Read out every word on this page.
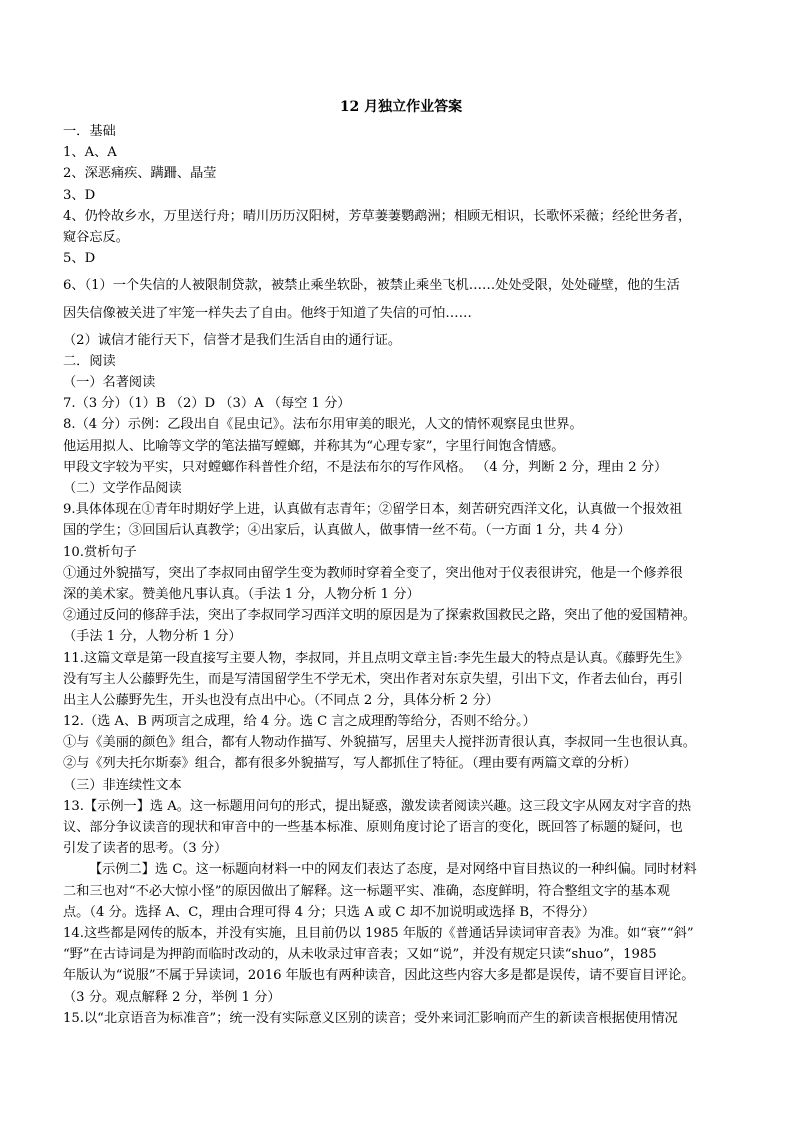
12 月独立作业答案
一．基础
1、A、A
2、深恶痛疾、蹒跚、晶莹
3、D
4、仍怜故乡水，万里送行舟；晴川历历汉阳树，芳草萋萋鹦鹉洲；相顾无相识，长歌怀采薇；经纶世务者，
窥谷忘反。
5、D
6、（1）一个失信的人被限制贷款，被禁止乘坐软卧，被禁止乘坐飞机……处处受限，处处碰壁，他的生活
因失信像被关进了牢笼一样失去了自由。他终于知道了失信的可怕……
（2）诚信才能行天下，信誉才是我们生活自由的通行证。
二．阅读
（一）名著阅读
7.（3 分）（1）B （2）D （3）A （每空 1 分）
8.（4 分）示例：乙段出自《昆虫记》。法布尔用审美的眼光，人文的情怀观察昆虫世界。
他运用拟人、比喻等文学的笔法描写螳螂，并称其为“心理专家”，字里行间饱含情感。
甲段文字较为平实，只对螳螂作科普性介绍，不是法布尔的写作风格。 （4 分，判断 2 分，理由 2 分）
（二）文学作品阅读
9.具体体现在①青年时期好学上进，认真做有志青年；②留学日本，刻苦研究西洋文化，认真做一个报效祖
国的学生；③回国后认真教学；④出家后，认真做人，做事情一丝不苟。（一方面 1 分，共 4 分）
10.赏析句子
①通过外貌描写，突出了李叔同由留学生变为教师时穿着全变了，突出他对于仪表很讲究，他是一个修养很
深的美术家。赞美他凡事认真。（手法 1 分，人物分析 1 分）
②通过反问的修辞手法，突出了李叔同学习西洋文明的原因是为了探索救国救民之路，突出了他的爱国精神。
（手法 1 分，人物分析 1 分）
11.这篇文章是第一段直接写主要人物，李叔同，并且点明文章主旨:李先生最大的特点是认真。《藤野先生》
没有写主人公藤野先生，而是写清国留学生不学无术，突出作者对东京失望，引出下文，作者去仙台，再引
出主人公藤野先生，开头也没有点出中心。（不同点 2 分，具体分析 2 分）
12.（选 A、B 两项言之成理，给 4 分。选 C 言之成理酌等给分，否则不给分。）
①与《美丽的颜色》组合，都有人物动作描写、外貌描写，居里夫人搅拌沥青很认真，李叔同一生也很认真。
②与《列夫托尔斯泰》组合，都有很多外貌描写，写人都抓住了特征。（理由要有两篇文章的分析）
（三）非连续性文本
13.【示例一】选 A。这一标题用问句的形式，提出疑惑，激发读者阅读兴趣。这三段文字从网友对字音的热
议、部分争议读音的现状和审音中的一些基本标准、原则角度讨论了语言的变化，既回答了标题的疑问，也
引发了读者的思考。（3 分）
【示例二】选 C。这一标题向材料一中的网友们表达了态度，是对网络中盲目热议的一种纠偏。同时材料
二和三也对“不必大惊小怪”的原因做出了解释。这一标题平实、准确，态度鲜明，符合整组文字的基本观
点。（4 分。选择 A、C，理由合理可得 4 分；只选 A 或 C 却不加说明或选择 B，不得分）
14.这些都是网传的版本，并没有实施，且目前仍以 1985 年版的《普通话异读词审音表》为准。如“衰”“斜”
“野”在古诗词是为押韵而临时改动的，从未收录过审音表；又如“说”，并没有规定只读“shuo”，1985
年版认为“说服”不属于异读词，2016 年版也有两种读音，因此这些内容大多是都是误传，请不要盲目评论。
（3 分。观点解释 2 分，举例 1 分）
15.以“北京语音为标准音”；统一没有实际意义区别的读音；受外来词汇影响而产生的新读音根据使用情况
